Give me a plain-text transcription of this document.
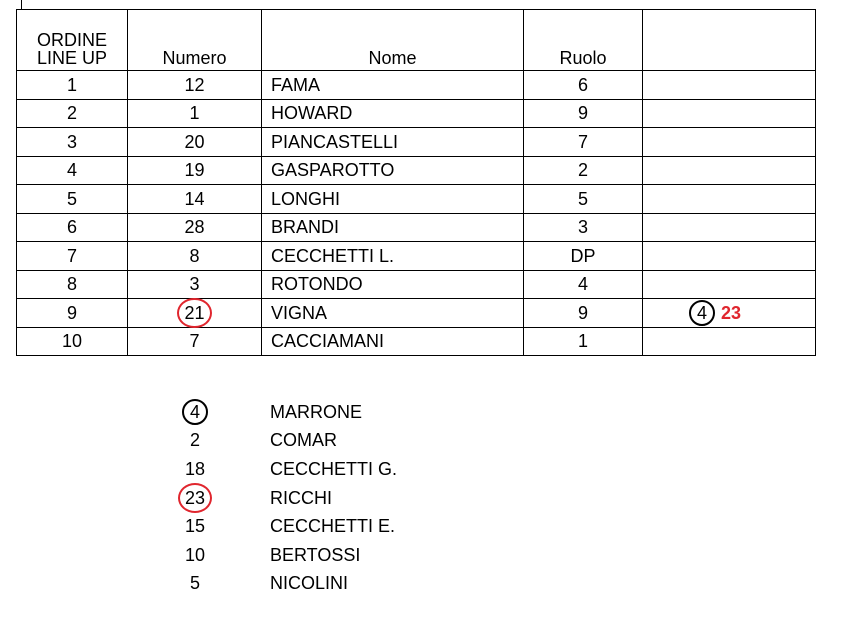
ORDINE LINE UP	Numero	Nome	Ruolo	
1	12	FAMA	6	
2	1	HOWARD	9	
3	20	PIANCASTELLI	7	
4	19	GASPAROTTO	2	
5	14	LONGHI	5	
6	28	BRANDI	3	
7	8	CECCHETTI L.	DP	
8	3	ROTONDO	4	
9	21	VIGNA	9	4 23

10	7	CACCIAMANI	1	
4	MARRONE
2	COMAR
18	CECCHETTI G.
23	RICCHI
15	CECCHETTI E.
10	BERTOSSI
5	NICOLINI
